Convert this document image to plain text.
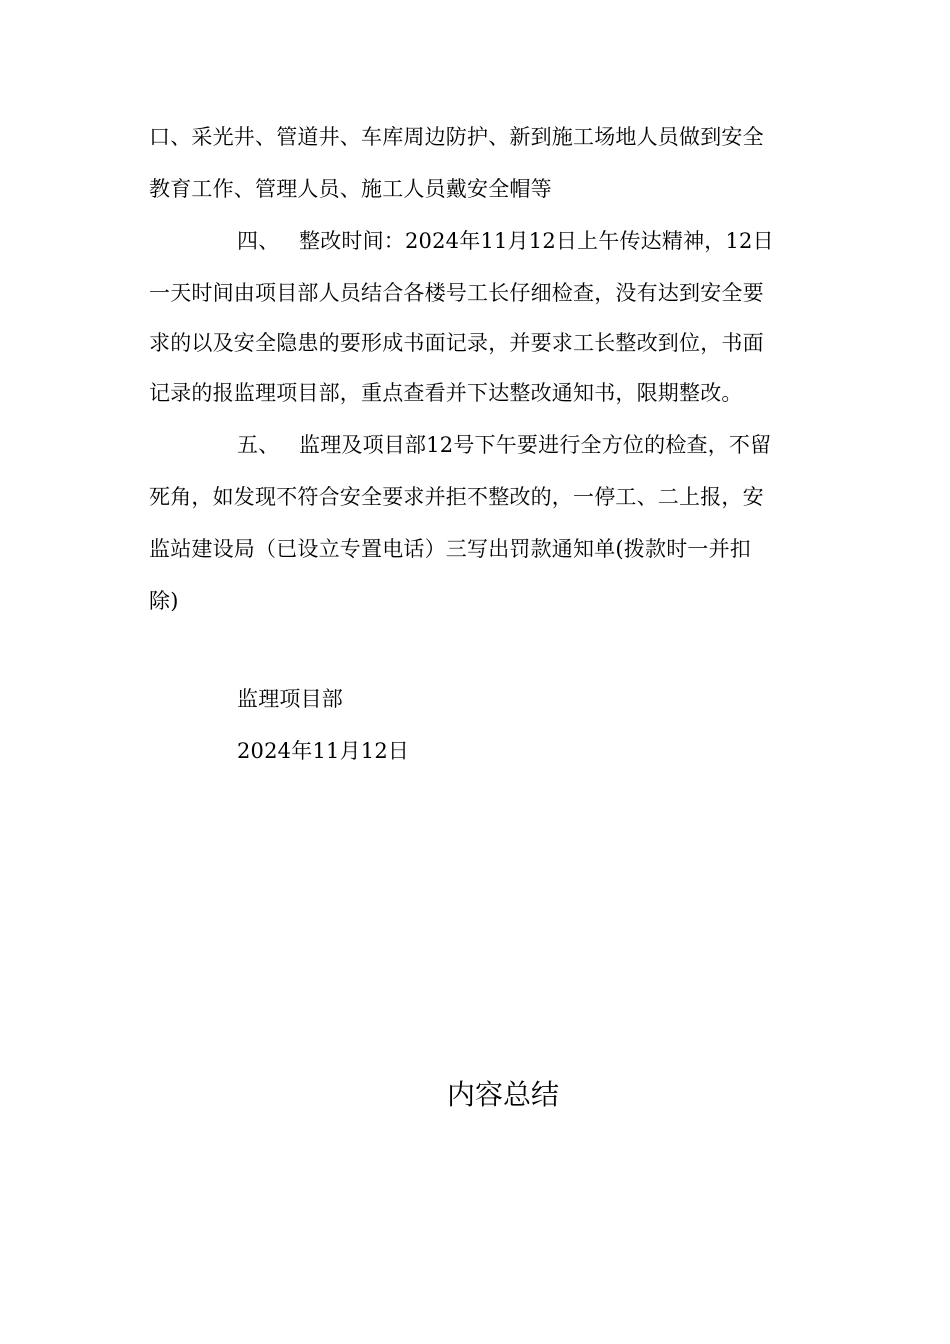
口、采光井、管道井、车库周边防护、新到施工场地人员做到安全
教育工作、管理人员、施工人员戴安全帽等
四、 整改时间：2024年11月12日上午传达精神，12日
一天时间由项目部人员结合各楼号工长仔细检查，没有达到安全要
求的以及安全隐患的要形成书面记录，并要求工长整改到位，书面
记录的报监理项目部，重点查看并下达整改通知书，限期整改。
五、 监理及项目部12号下午要进行全方位的检查，不留
死角，如发现不符合安全要求并拒不整改的，一停工、二上报，安
监站建设局（已设立专置电话）三写出罚款通知单(拨款时一并扣
除)
监理项目部
2024年11月12日
内容总结
